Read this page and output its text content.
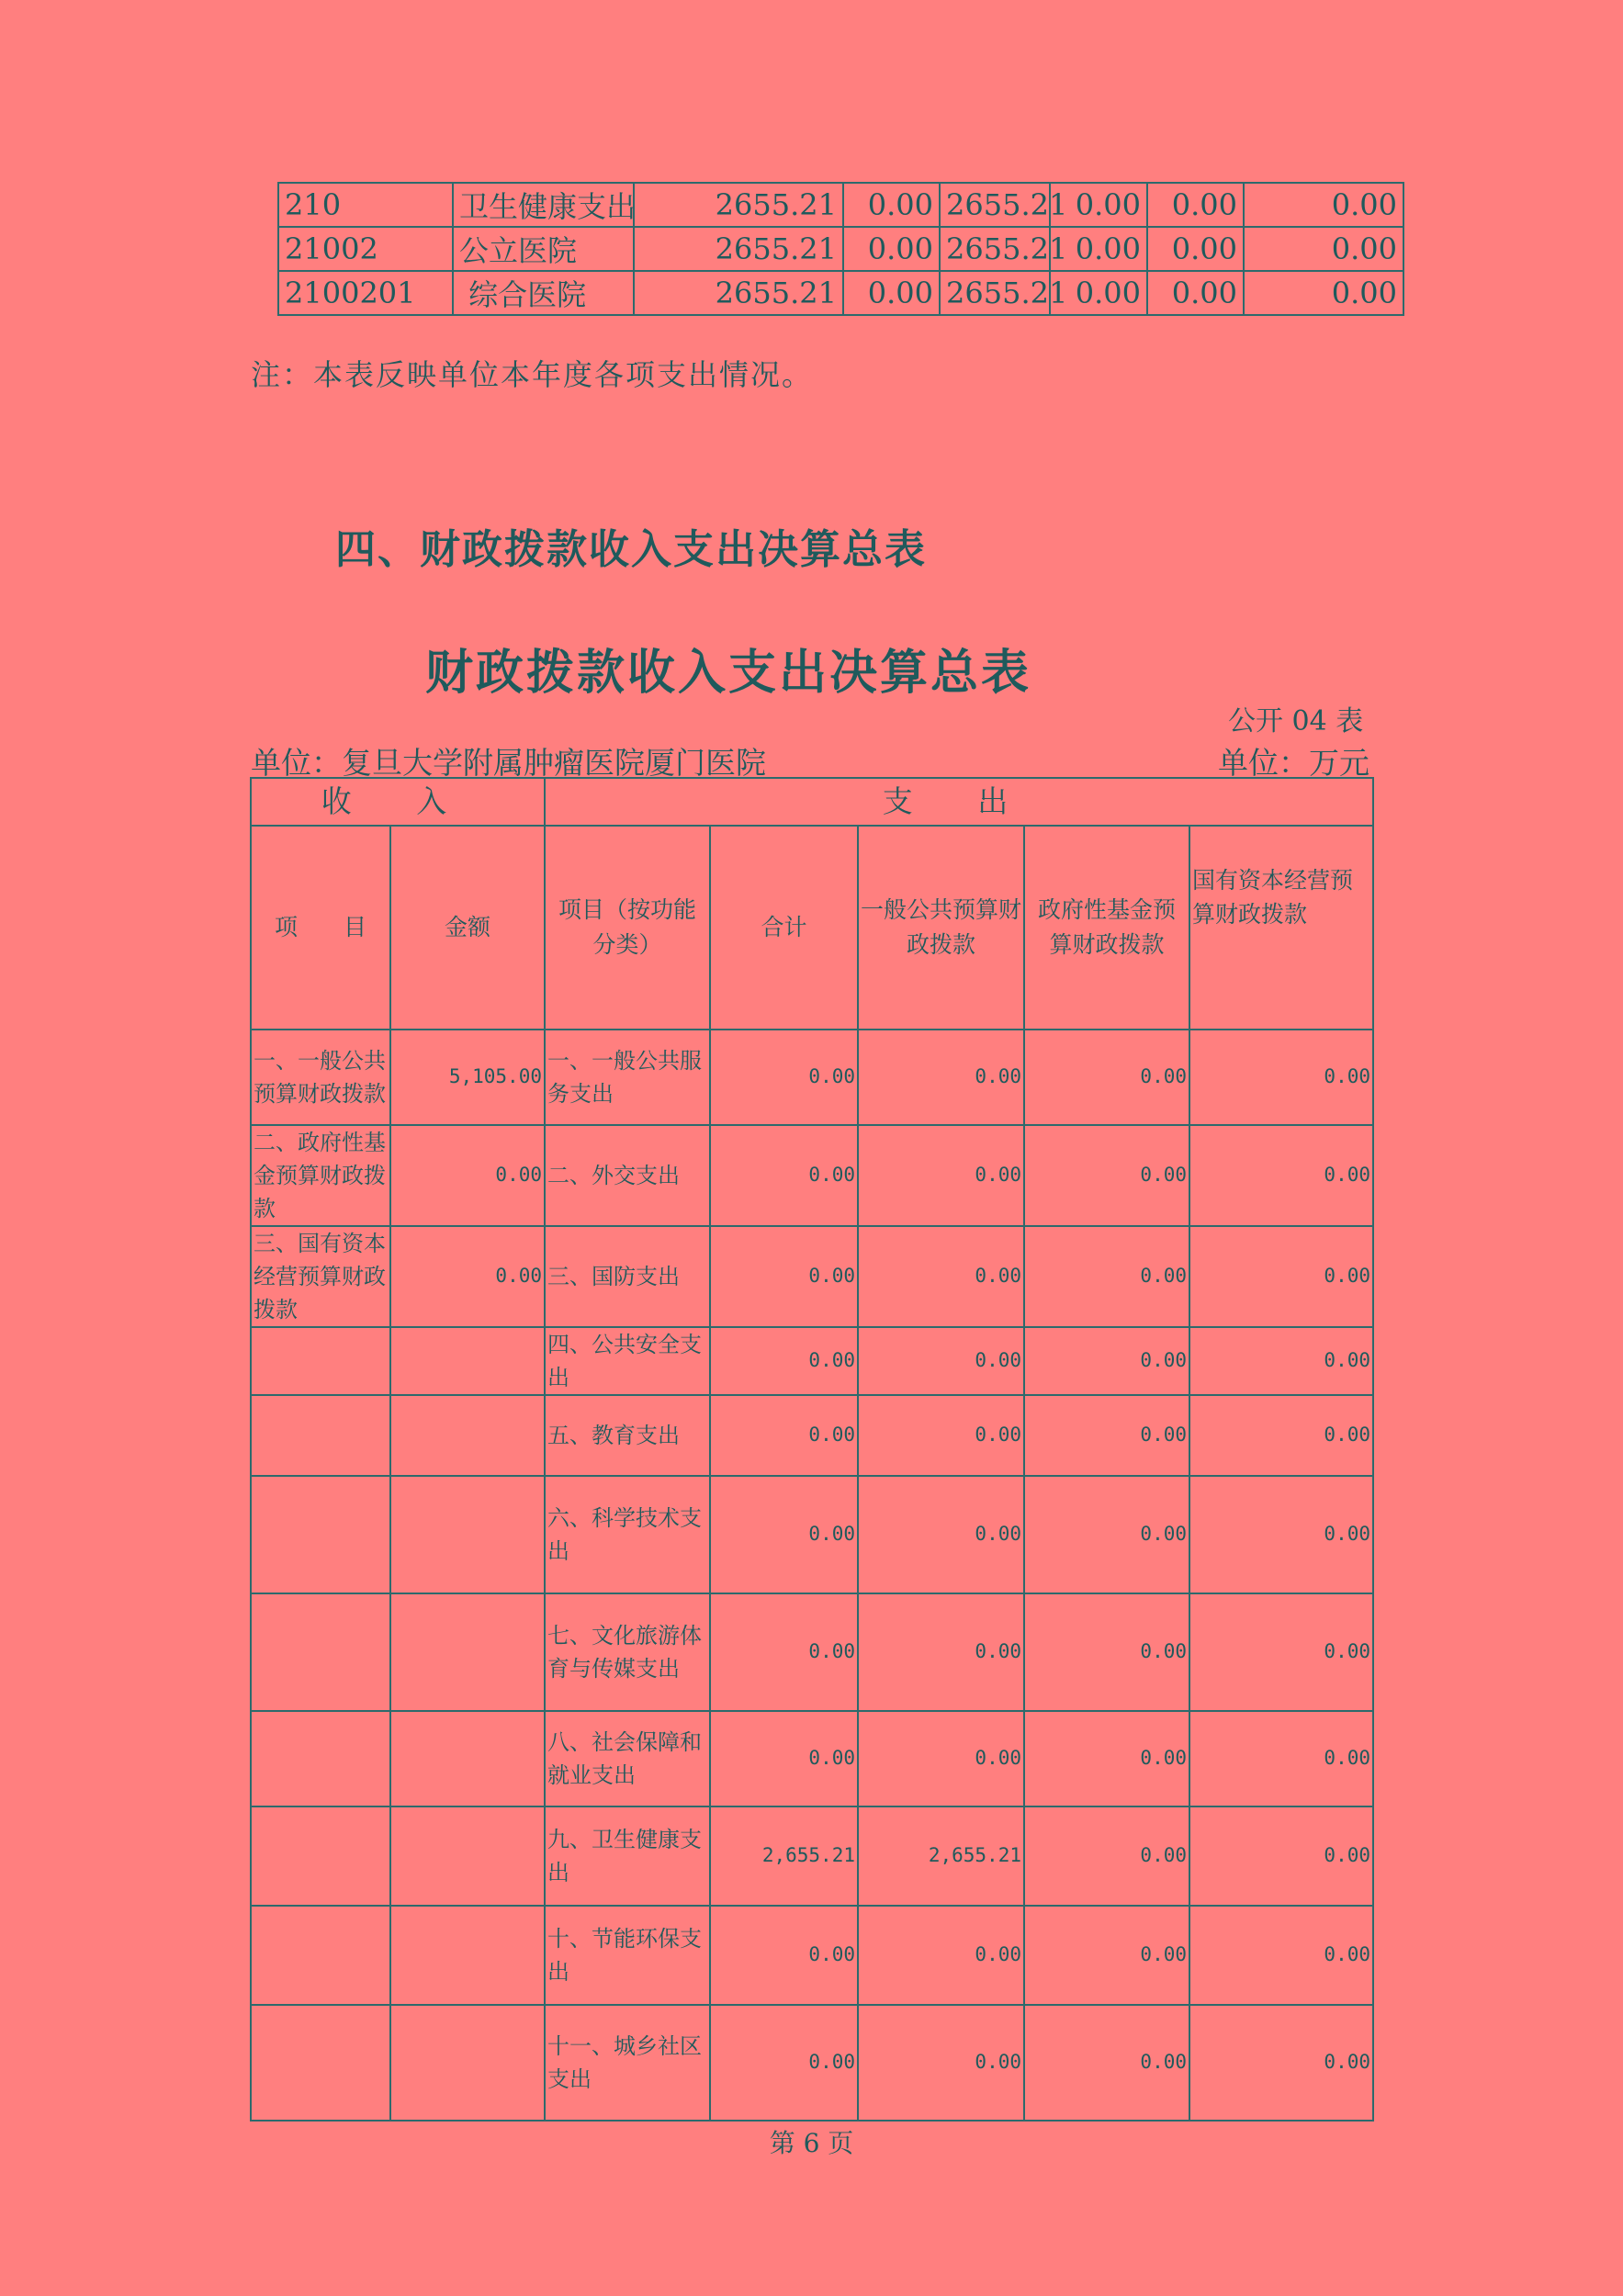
210	卫生健康支出	2655.21	0.00	2655.21	0.00	0.00	0.00
21002	公立医院	2655.21	0.00	2655.21	0.00	0.00	0.00
2100201	综合医院	2655.21	0.00	2655.21	0.00	0.00	0.00
注：本表反映单位本年度各项支出情况。
四、财政拨款收入支出决算总表
财政拨款收入支出决算总表
公开 04 表
单位：复旦大学附属肿瘤医院厦门医院	单位：万元
收 入		支 出				
项　　目	金额	项目（按功能分类）	合计	一般公共预算财政拨款	政府性基金预算财政拨款	国有资本经营预算财政拨款
一、一般公共预算财政拨款	5,105.00	一、一般公共服务支出	0.00	0.00	0.00	0.00
二、政府性基金预算财政拨款	0.00	二、外交支出	0.00	0.00	0.00	0.00
三、国有资本经营预算财政拨款	0.00	三、国防支出	0.00	0.00	0.00	0.00
		四、公共安全支出	0.00	0.00	0.00	0.00
		五、教育支出	0.00	0.00	0.00	0.00
		六、科学技术支出	0.00	0.00	0.00	0.00
		七、文化旅游体育与传媒支出	0.00	0.00	0.00	0.00
		八、社会保障和就业支出	0.00	0.00	0.00	0.00
		九、卫生健康支出	2,655.21	2,655.21	0.00	0.00
		十、节能环保支出	0.00	0.00	0.00	0.00
		十一、城乡社区支出	0.00	0.00	0.00	0.00
第 6 页
